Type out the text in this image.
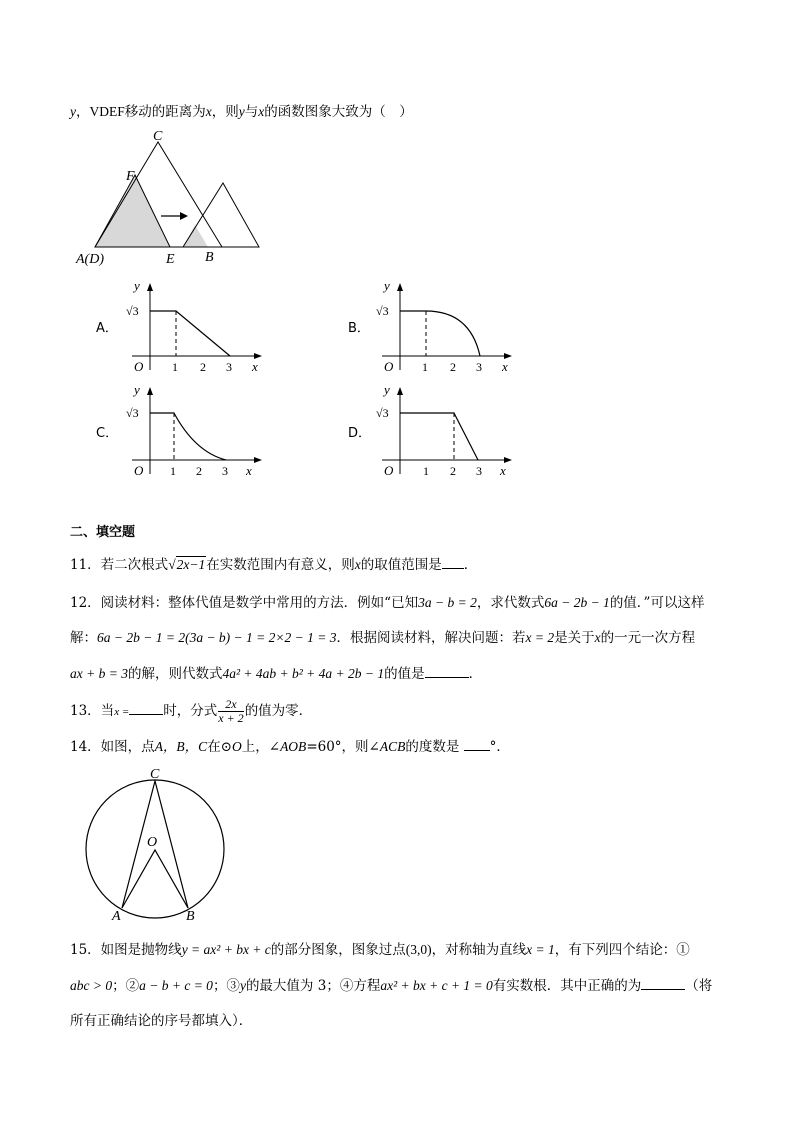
y，VDEF移动的距离为x，则y与x的函数图象大致为（　）
C
F
A(D)	E B
A．
y
√3
O 1 2 3 x
B．
y
√3
O 1 2 3 x
C．
y
√3
O 1 2 3 x
D．
y
√3
O 1 2 3 x
二、填空题
11．若二次根式√2x−1在实数范围内有意义，则x的取值范围是 ．
12．阅读材料：整体代值是数学中常用的方法．例如“已知3a − b = 2，求代数式6a − 2b − 1的值．”可以这样
解：6a − 2b − 1 = 2(3a − b) − 1 = 2×2 − 1 = 3．根据阅读材料，解决问题：若x = 2是关于x的一元一次方程
ax + b = 3的解，则代数式4a² + 4ab + b² + 4a + 2b − 1的值是	．
13．当x =	时，分式 $\frac{2x}{x + 2}$ 的值为零．
14．如图，点A，B，C在⊙O上，∠AOB=60°，则∠ACB的度数是 °．
C
O
A	B
15．如图是抛物线y = ax² + bx + c的部分图象，图象过点(3,0)，对称轴为直线x = 1，有下列四个结论：①
abc > 0；②a − b + c = 0；③y的最大值为 3；④方程ax² + bx + c + 1 = 0有实数根．其中正确的为	（将
所有正确结论的序号都填入）．
